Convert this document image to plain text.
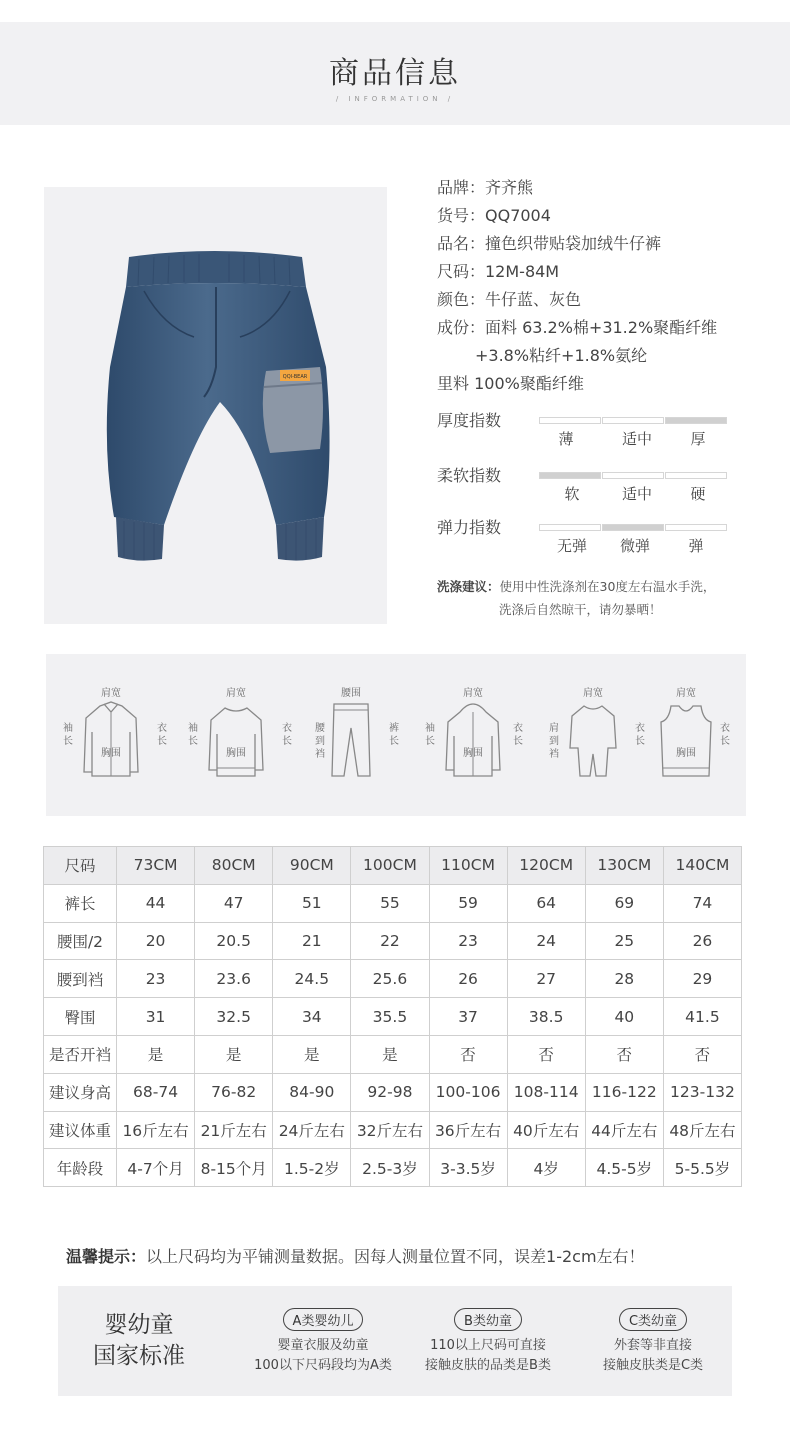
商品信息
/ INFORMATION /
QQI-BEAR
品牌：齐齐熊
货号：QQ7004
品名：撞色织带贴袋加绒牛仔裤
尺码：12M-84M
颜色：牛仔蓝、灰色
成份：面料 63.2%棉+31.2%聚酯纤维
+3.8%粘纤+1.8%氨纶
里料 100%聚酯纤维
厚度指数
薄	适中	厚
柔软指数
软	适中	硬
弹力指数
无弹	微弹	弹
洗涤建议：使用中性洗涤剂在30度左右温水手洗，
洗涤后自然晾干，请勿暴晒！
肩宽
袖
长
衣
长
胸围
肩宽
袖
长
衣
长
胸围
腰围
腰
到
裆
裤
长
肩宽
袖
长
衣
长
胸围
肩宽
肩
到
裆
衣
长
肩宽
衣
长
胸围
尺码	73CM	80CM	90CM	100CM	110CM	120CM	130CM	140CM
裤长	44	47	51	55	59	64	69	74
腰围/2	20	20.5	21	22	23	24	25	26
腰到裆	23	23.6	24.5	25.6	26	27	28	29
臀围	31	32.5	34	35.5	37	38.5	40	41.5
是否开裆	是	是	是	是	否	否	否	否
建议身高	68-74	76-82	84-90	92-98	100-106	108-114	116-122	123-132
建议体重	16斤左右	21斤左右	24斤左右	32斤左右	36斤左右	40斤左右	44斤左右	48斤左右
年龄段	4-7个月	8-15个月	1.5-2岁	2.5-3岁	3-3.5岁	4岁	4.5-5岁	5-5.5岁
温馨提示：以上尺码均为平铺测量数据。因每人测量位置不同，误差1-2cm左右！
婴幼童
国家标准
A类婴幼儿
婴童衣服及幼童
100以下尺码段均为A类
B类幼童
110以上尺码可直接
接触皮肤的品类是B类
C类幼童
外套等非直接
接触皮肤类是C类
